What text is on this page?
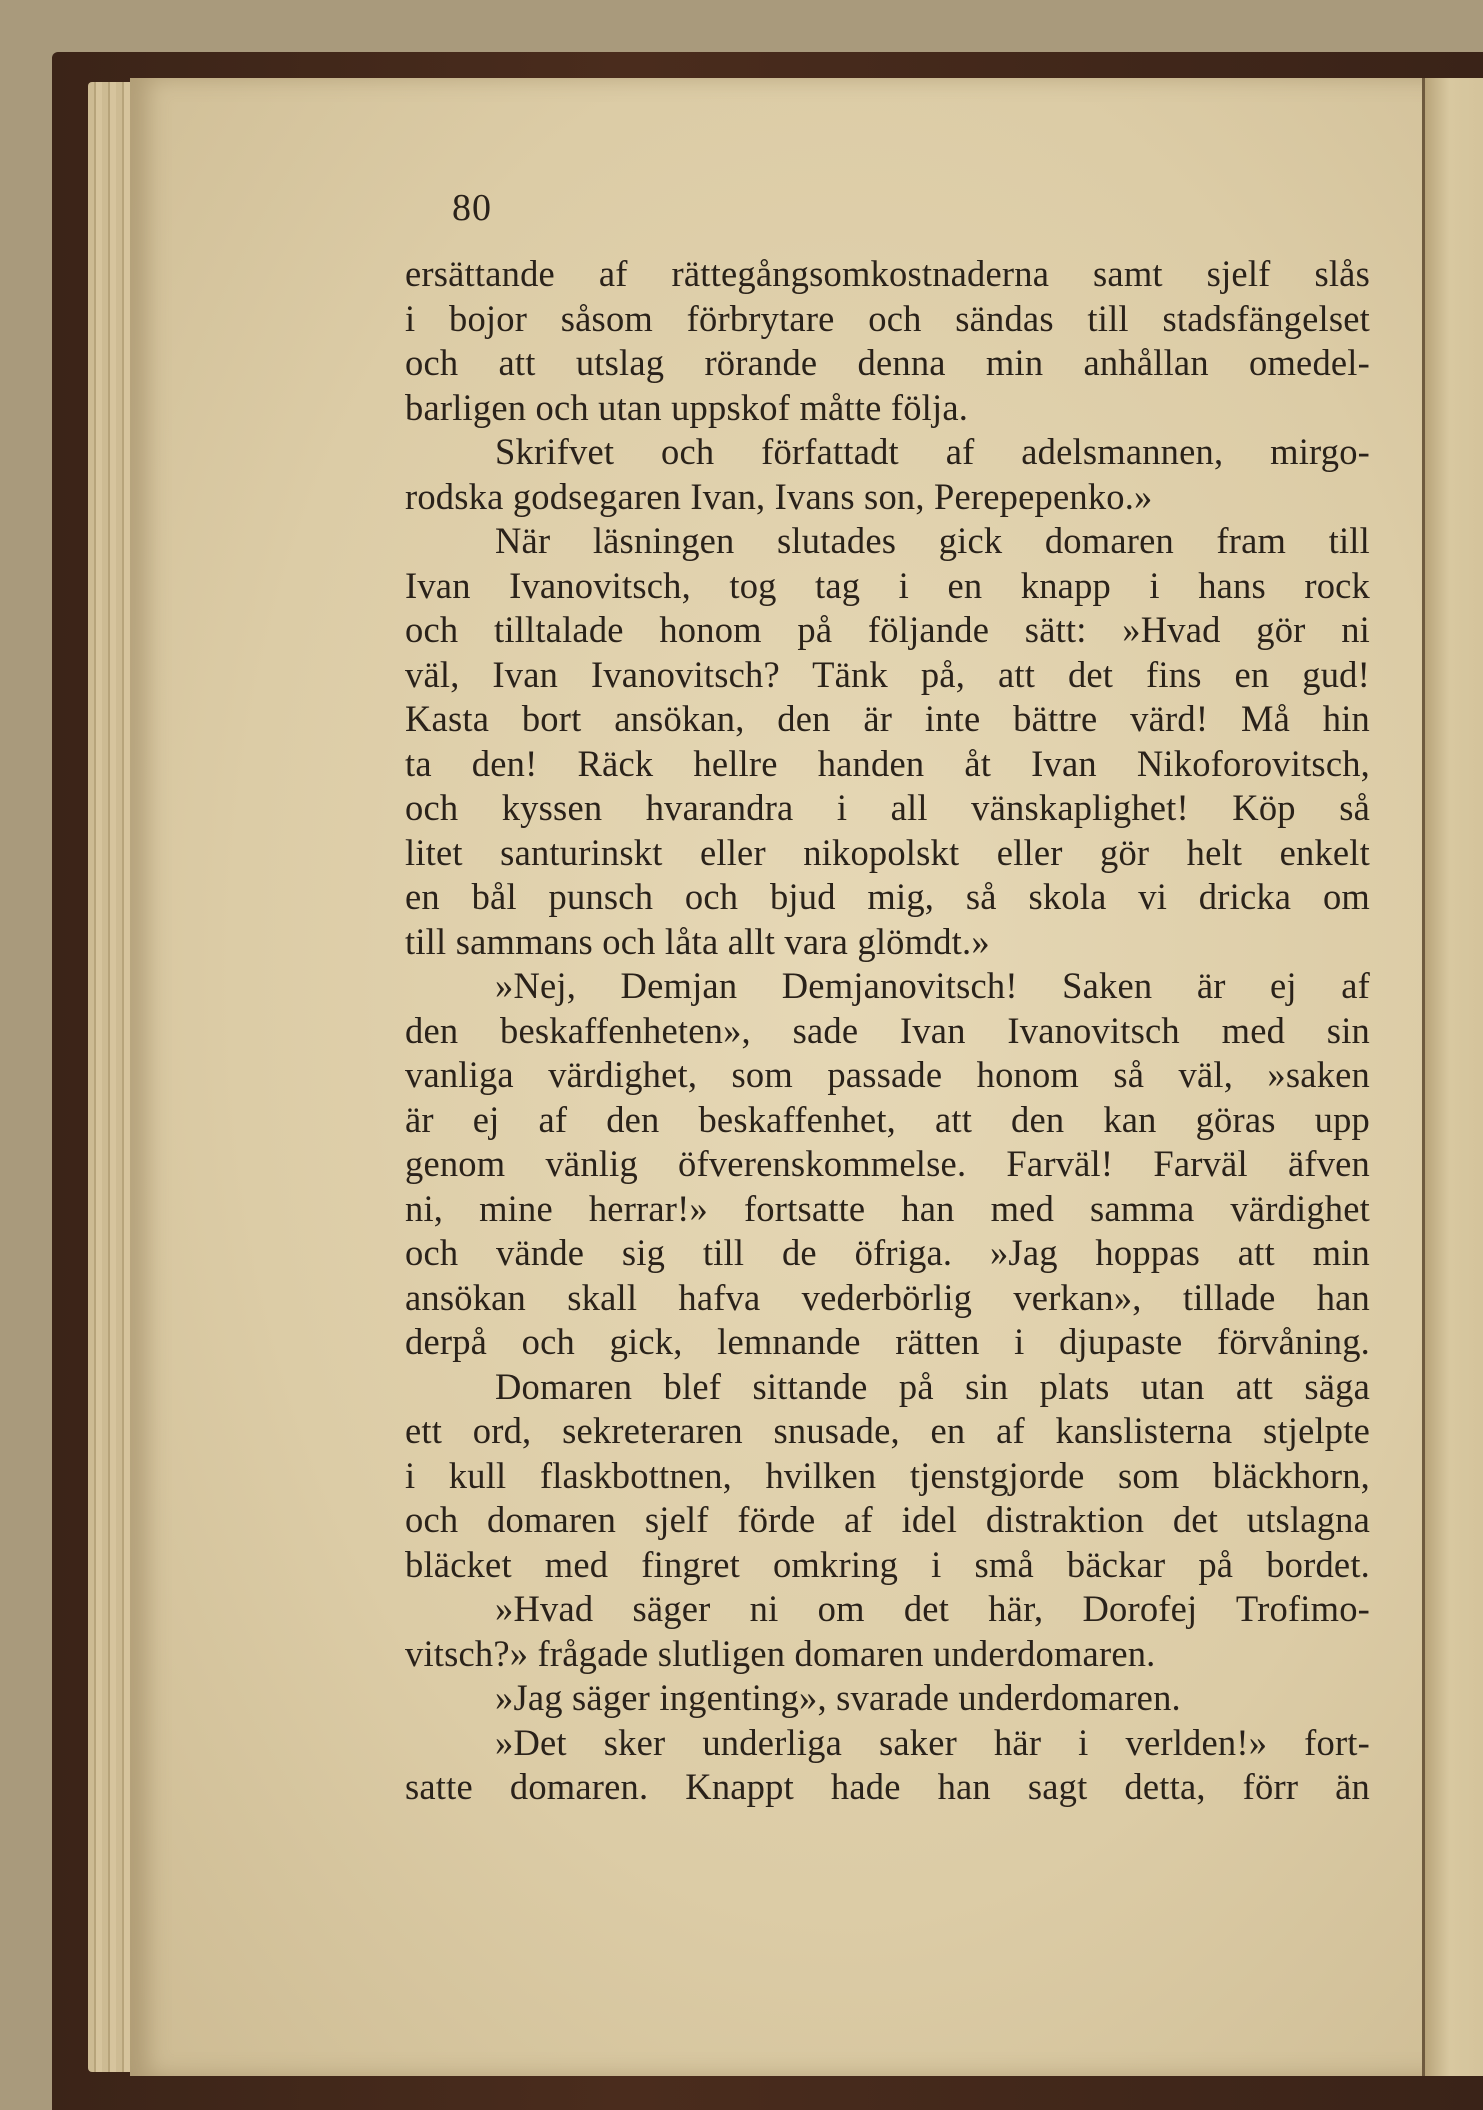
80
ersättande af rättegångsomkostnaderna samt sjelf slås
i bojor såsom förbrytare och sändas till stadsfängelset
och att utslag rörande denna min anhållan omedel-
barligen och utan uppskof måtte följa.
Skrifvet och författadt af adelsmannen, mirgo-
rodska godsegaren Ivan, Ivans son, Perepepenko.»
När läsningen slutades gick domaren fram till
Ivan Ivanovitsch, tog tag i en knapp i hans rock
och tilltalade honom på följande sätt: »Hvad gör ni
väl, Ivan Ivanovitsch? Tänk på, att det fins en gud!
Kasta bort ansökan, den är inte bättre värd! Må hin
ta den! Räck hellre handen åt Ivan Nikoforovitsch,
och kyssen hvarandra i all vänskaplighet! Köp så
litet santurinskt eller nikopolskt eller gör helt enkelt
en bål punsch och bjud mig, så skola vi dricka om
till sammans och låta allt vara glömdt.»
»Nej, Demjan Demjanovitsch! Saken är ej af
den beskaffenheten», sade Ivan Ivanovitsch med sin
vanliga värdighet, som passade honom så väl, »saken
är ej af den beskaffenhet, att den kan göras upp
genom vänlig öfverenskommelse. Farväl! Farväl äfven
ni, mine herrar!» fortsatte han med samma värdighet
och vände sig till de öfriga. »Jag hoppas att min
ansökan skall hafva vederbörlig verkan», tillade han
derpå och gick, lemnande rätten i djupaste förvåning.
Domaren blef sittande på sin plats utan att säga
ett ord, sekreteraren snusade, en af kanslisterna stjelpte
i kull flaskbottnen, hvilken tjenstgjorde som bläckhorn,
och domaren sjelf förde af idel distraktion det utslagna
bläcket med fingret omkring i små bäckar på bordet.
»Hvad säger ni om det här, Dorofej Trofimo-
vitsch?» frågade slutligen domaren underdomaren.
»Jag säger ingenting», svarade underdomaren.
»Det sker underliga saker här i verlden!» fort-
satte domaren. Knappt hade han sagt detta, förr än
